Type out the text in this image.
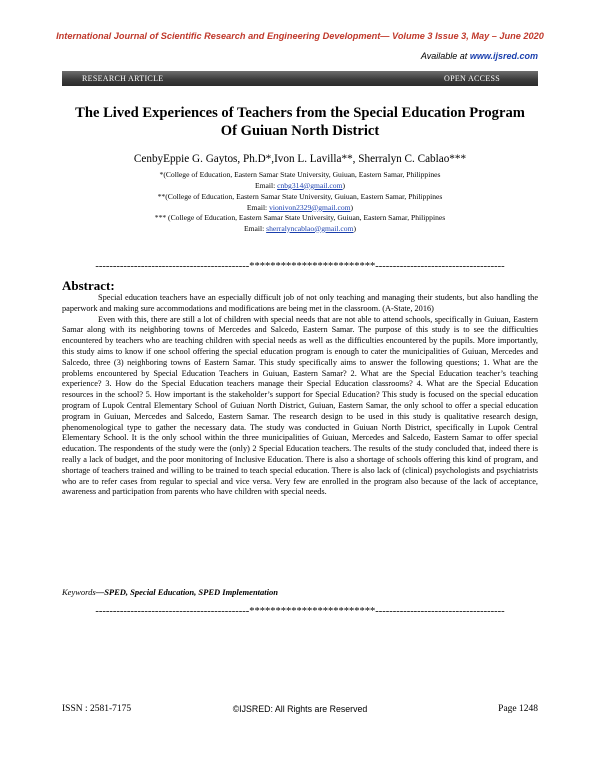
International Journal of Scientific Research and Engineering Development— Volume 3 Issue 3, May – June 2020
Available at www.ijsred.com
RESEARCH ARTICLE	OPEN ACCESS
The Lived Experiences of Teachers from the Special Education Program
Of Guiuan North District
CenbyEppie G. Gaytos, Ph.D*,Ivon L. Lavilla**, Sherralyn C. Cablao***
*(College of Education, Eastern Samar State University, Guiuan, Eastern Samar, Philippines
Email: cnbg314@gmail.com)
**(College of Education, Eastern Samar State University, Guiuan, Eastern Samar, Philippines
Email: vionivon2329@gmail.com)
*** (College of Education, Eastern Samar State University, Guiuan, Eastern Samar, Philippines
Email: sherralyncablao@gmail.com)
--------------------------------------------************************-------------------------------------
Abstract:

Special education teachers have an especially difficult job of not only teaching and managing their students, but also handling the paperwork and making sure accommodations and modifications are being met in the classroom. (A-State, 2016)

Even with this, there are still a lot of children with special needs that are not able to attend schools, specifically in Guiuan, Eastern Samar along with its neighboring towns of Mercedes and Salcedo, Eastern Samar. The purpose of this study is to see the difficulties encountered by teachers who are teaching children with special needs as well as the difficulties encountered by the pupils. More importantly, this study aims to know if one school offering the special education program is enough to cater the municipalities of Guiuan, Mercedes and Salcedo, three (3) neighboring towns of Eastern Samar. This study specifically aims to answer the following questions; 1. What are the problems encountered by Special Education Teachers in Guiuan, Eastern Samar? 2. What are the Special Education teacher’s teaching experience? 3. How do the Special Education teachers manage their Special Education classrooms? 4. What are the Special Education resources in the school? 5. How important is the stakeholder’s support for Special Education? This study is focused on the special education program of Lupok Central Elementary School of Guiuan North District, Guiuan, Eastern Samar, the only school to offer a special education program in Guiuan, Mercedes and Salcedo, Eastern Samar. The research design to be used in this study is qualitative research design, phenomenological type to gather the necessary data. The study was conducted in Guiuan North District, specifically in Lupok Central Elementary School. It is the only school within the three municipalities of Guiuan, Mercedes and Salcedo, Eastern Samar to offer special education. The respondents of the study were the (only) 2 Special Education teachers. The results of the study concluded that, indeed there is really a lack of budget, and the poor monitoring of Inclusive Education. There is also a shortage of schools offering this kind of program, and shortage of teachers trained and willing to be trained to teach special education. There is also lack of (clinical) psychologists and psychiatrists who are to refer cases from regular to special and vice versa. Very few are enrolled in the program also because of the lack of acceptance, awareness and participation from parents who have children with special needs.

Keywords—SPED, Special Education, SPED Implementation
--------------------------------------------************************-------------------------------------
ISSN : 2581-7175	©IJSRED: All Rights are Reserved	Page 1248
